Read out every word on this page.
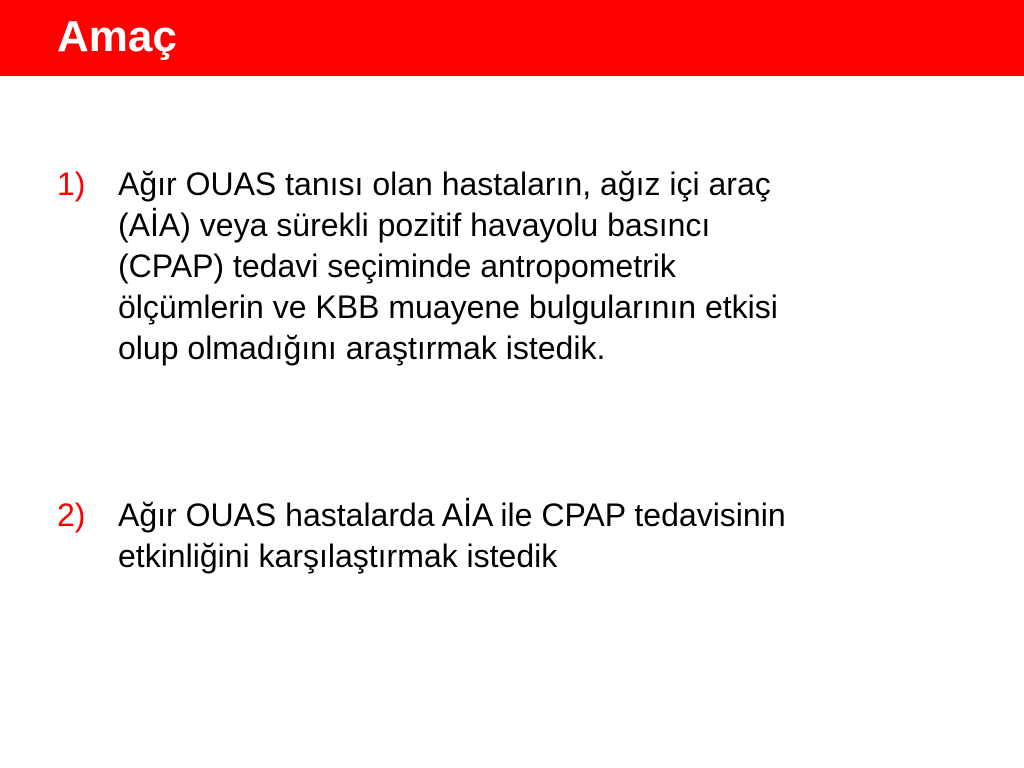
Amaç
1) Ağır OUAS tanısı olan hastaların, ağız içi araç
(AİA) veya sürekli pozitif havayolu basıncı
(CPAP) tedavi seçiminde antropometrik
ölçümlerin ve KBB muayene bulgularının etkisi
olup olmadığını araştırmak istedik.
2) Ağır OUAS hastalarda AİA ile CPAP tedavisinin
etkinliğini karşılaştırmak istedik
